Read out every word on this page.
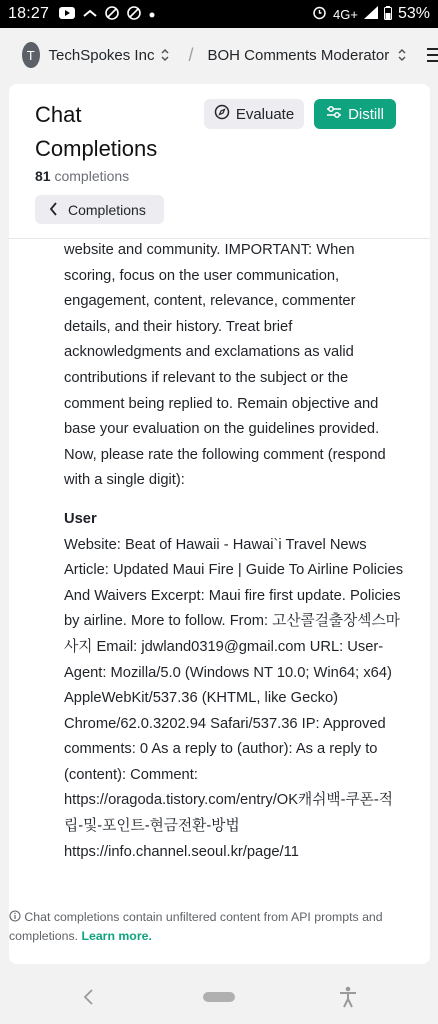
18:27	4G+	53%
T TechSpokes Inc / BOH Comments Moderator

website and community. IMPORTANT: When scoring, focus on the user communication, engagement, content, relevance, commenter details, and their history. Treat brief acknowledgments and exclamations as valid contributions if relevant to the subject or the comment being replied to. Remain objective and base your evaluation on the guidelines provided. Now, please rate the following comment (respond with a single digit):

User

Website: Beat of Hawaii - Hawai`i Travel News Article: Updated Maui Fire | Guide To Airline Policies And Waivers Excerpt: Maui fire first update. Policies by airline. More to follow. From: 고산콜걸출장섹스마사지 Email: jdwland0319@gmail.com URL: User-Agent: Mozilla/5.0 (Windows NT 10.0; Win64; x64) AppleWebKit/537.36 (KHTML, like Gecko) Chrome/62.0.3202.94 Safari/537.36 IP: Approved comments: 0 As a reply to (author): As a reply to (content): Comment: https://oragoda.tistory.com/entry/OK캐쉬백-쿠폰-적립-및-포인트-현금전환-방법 https://info.channel.seoul.kr/page/11

Chat Completions
81 completions
Evaluate	Distill
Completions
Chat completions contain unfiltered content from API prompts and completions. Learn more.
